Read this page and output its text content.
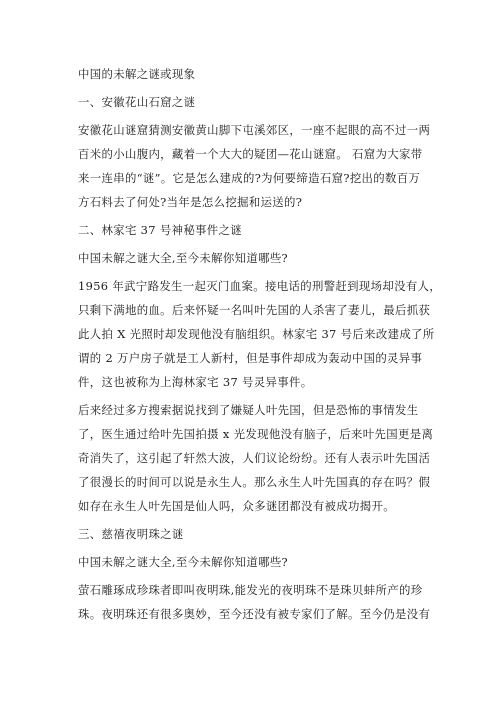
中国的未解之谜或现象
一、安徽花山石窟之谜
安徽花山谜窟猜测安徽黄山脚下屯溪郊区，一座不起眼的高不过一两
百米的小山腹内，藏着一个大大的疑团—花山谜窟。 石窟为大家带
来一连串的“谜”。它是怎么建成的?为何要缔造石窟?挖出的数百万
方石料去了何处?当年是怎么挖掘和运送的?
二、林家宅 37 号神秘事件之谜
中国未解之谜大全,至今未解你知道哪些?
1956 年武宁路发生一起灭门血案。接电话的刑警赶到现场却没有人，
只剩下满地的血。后来怀疑一名叫叶先国的人杀害了妻儿，最后抓获
此人拍 X 光照时却发现他没有脑组织。林家宅 37 号后来改建成了所
谓的 2 万户房子就是工人新村，但是事件却成为轰动中国的灵异事
件，这也被称为上海林家宅 37 号灵异事件。
后来经过多方搜索据说找到了嫌疑人叶先国，但是恐怖的事情发生
了，医生通过给叶先国拍摄 x 光发现他没有脑子，后来叶先国更是离
奇消失了，这引起了轩然大波，人们议论纷纷。还有人表示叶先国活
了很漫长的时间可以说是永生人。那么永生人叶先国真的存在吗？假
如存在永生人叶先国是仙人吗，众多谜团都没有被成功揭开。
三、慈禧夜明珠之谜
中国未解之谜大全,至今未解你知道哪些?
萤石雕琢成珍珠者即叫夜明珠,能发光的夜明珠不是珠贝蚌所产的珍
珠。夜明珠还有很多奥妙，至今还没有被专家们了解。至今仍是没有
